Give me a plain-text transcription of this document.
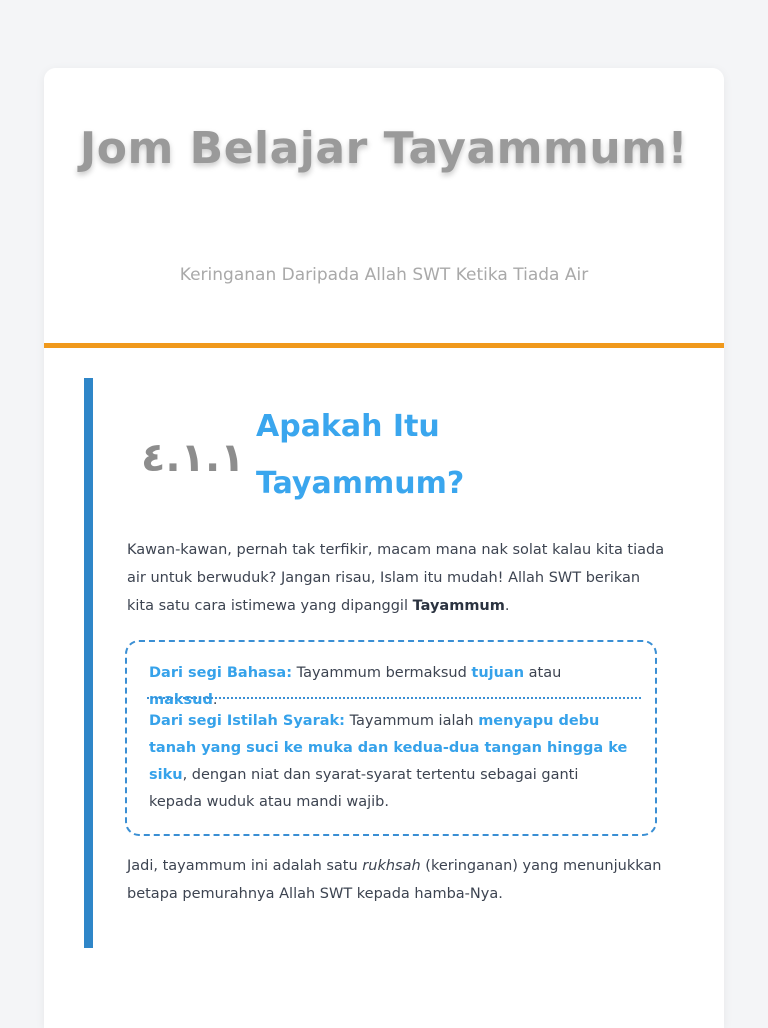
Jom Belajar Tayammum!
Keringanan Daripada Allah SWT Ketika Tiada Air
٤.١.١
Apakah Itu Tayammum?

Kawan-kawan, pernah tak terfikir, macam mana nak solat kalau kita tiada air untuk berwuduk? Jangan risau, Islam itu mudah! Allah SWT berikan kita satu cara istimewa yang dipanggil Tayammum.

Dari segi Bahasa: Tayammum bermaksud tujuan atau maksud.

Dari segi Istilah Syarak: Tayammum ialah menyapu debu tanah yang suci ke muka dan kedua-dua tangan hingga ke siku, dengan niat dan syarat-syarat tertentu sebagai ganti kepada wuduk atau mandi wajib.

Jadi, tayammum ini adalah satu rukhsah (keringanan) yang menunjukkan betapa pemurahnya Allah SWT kepada hamba-Nya.
